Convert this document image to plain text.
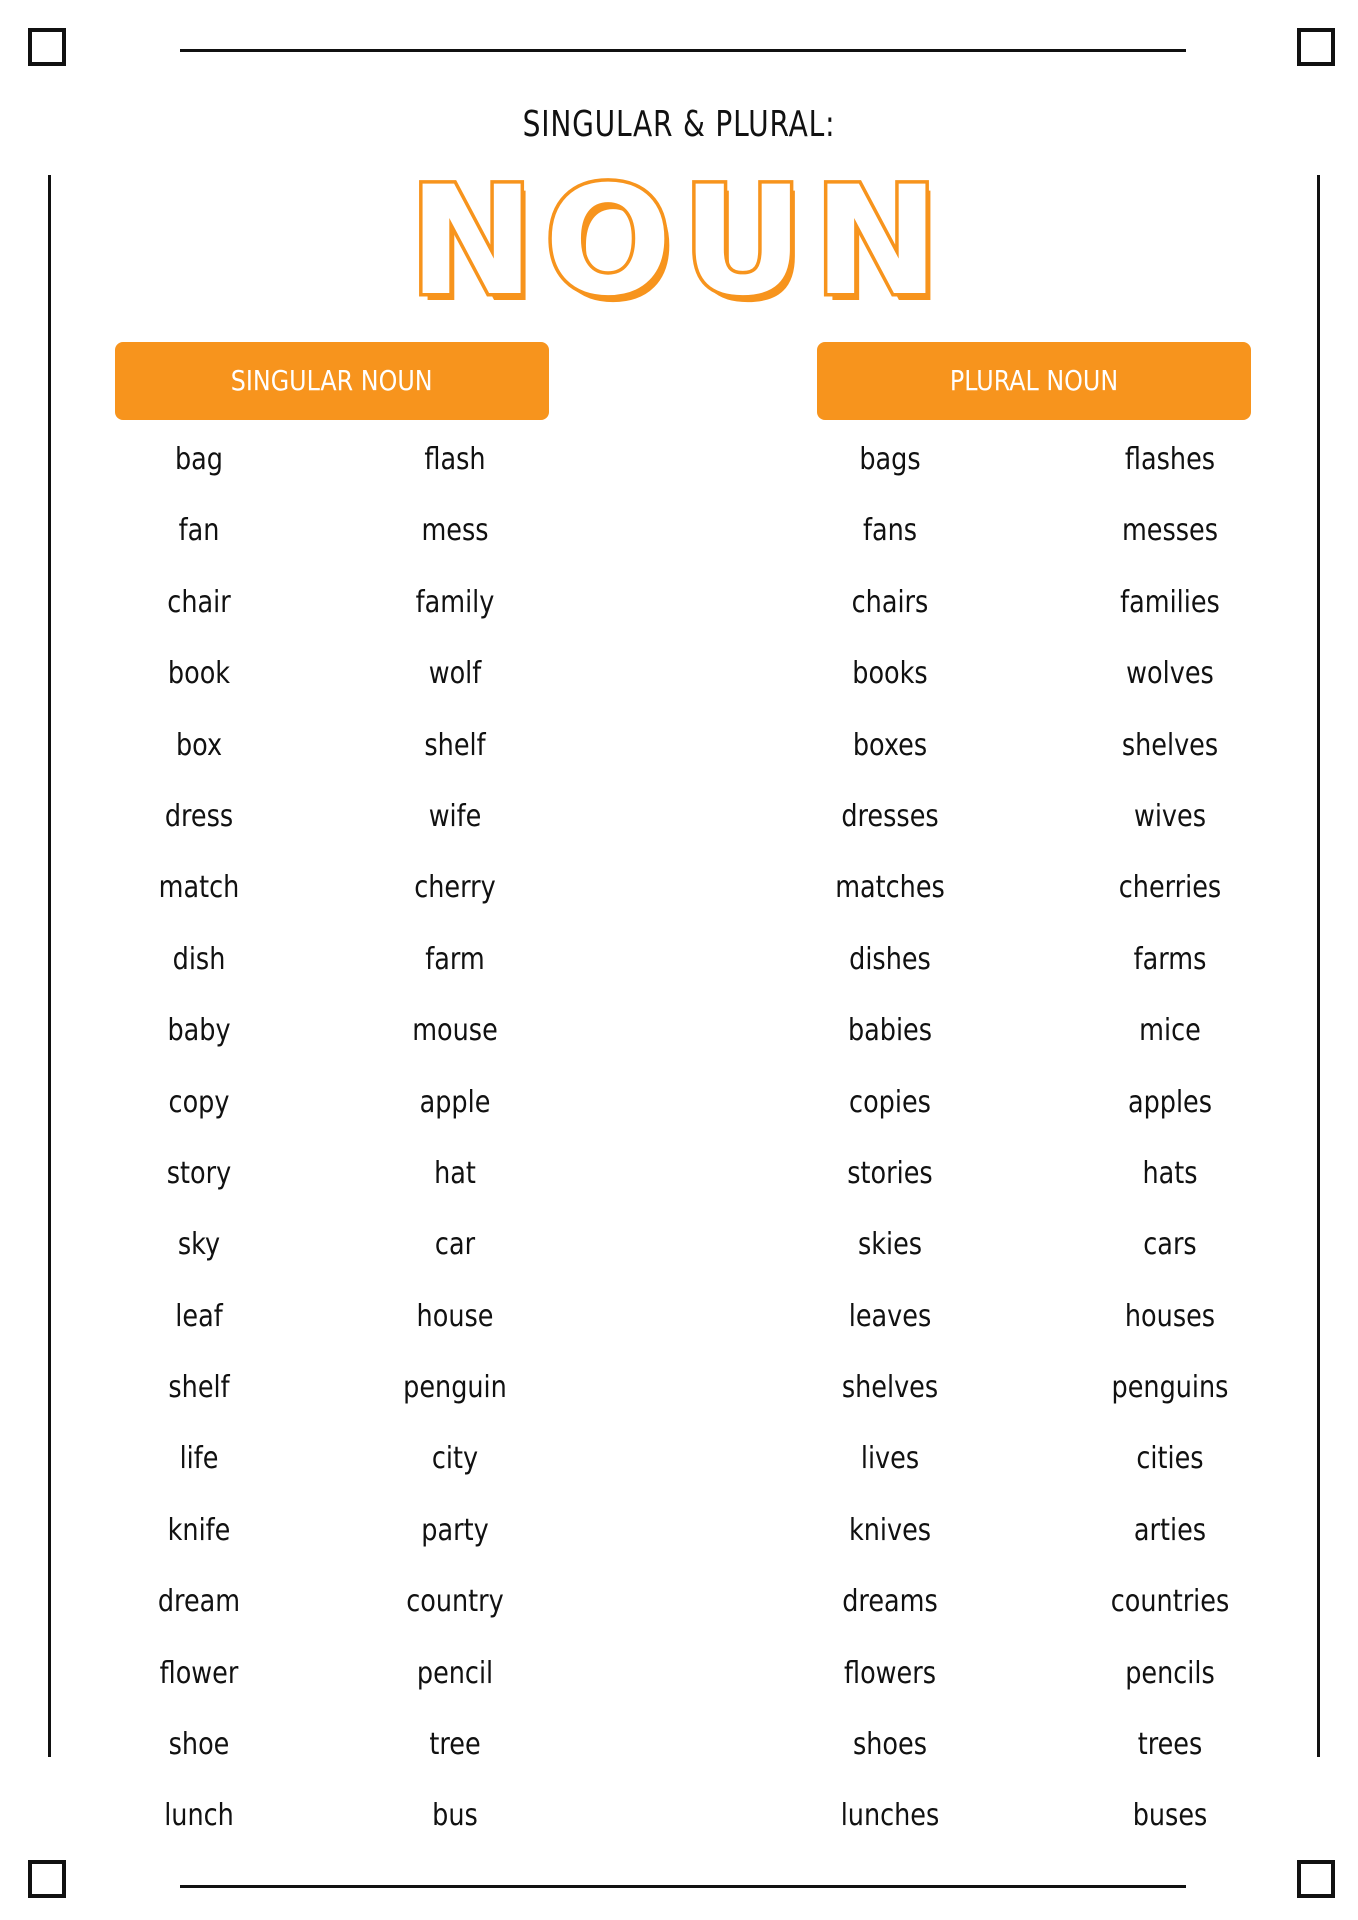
SINGULAR & PLURAL:
NOUN
SINGULAR NOUN	PLURAL NOUN
bag
fan
chair
book
box
dress
match
dish
baby
copy
story
sky
leaf
shelf
life
knife
dream
flower
shoe
lunch
flash
mess
family
wolf
shelf
wife
cherry
farm
mouse
apple
hat
car
house
penguin
city
party
country
pencil
tree
bus
bags
fans
chairs
books
boxes
dresses
matches
dishes
babies
copies
stories
skies
leaves
shelves
lives
knives
dreams
flowers
shoes
lunches
flashes
messes
families
wolves
shelves
wives
cherries
farms
mice
apples
hats
cars
houses
penguins
cities
arties
countries
pencils
trees
buses
